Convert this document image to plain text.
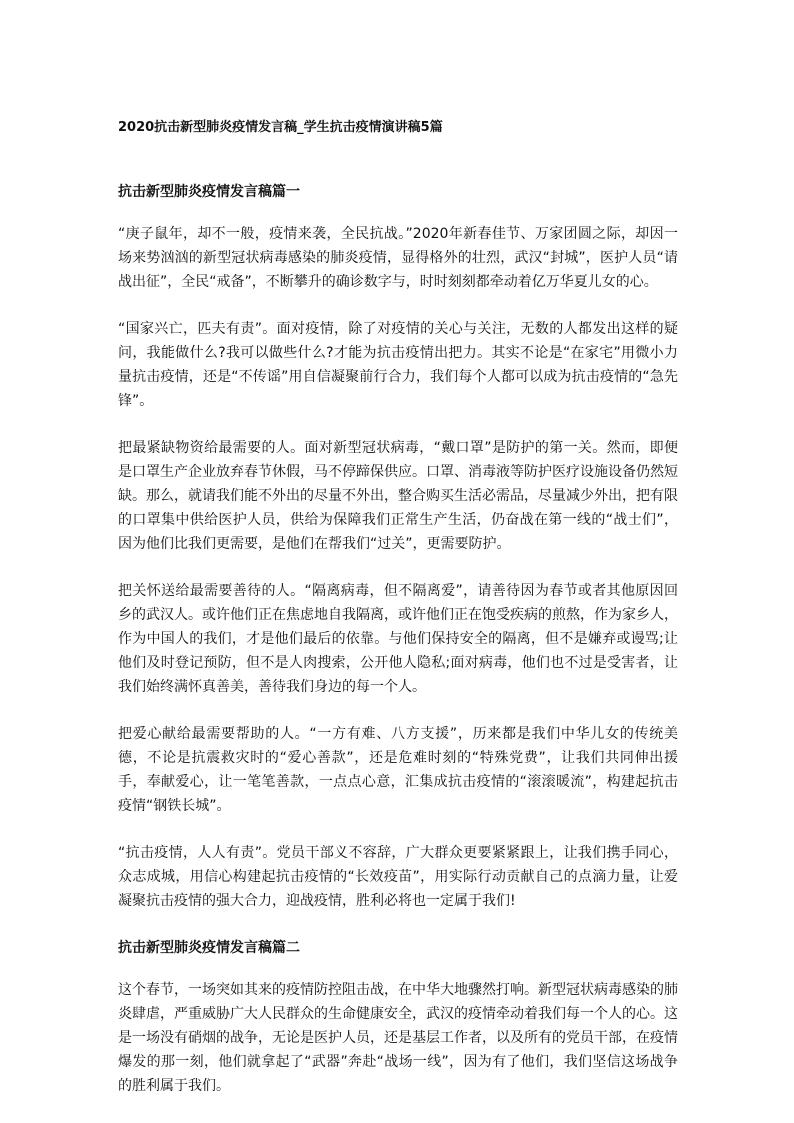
2020抗击新型肺炎疫情发言稿_学生抗击疫情演讲稿5篇
抗击新型肺炎疫情发言稿篇一

“庚子鼠年，却不一般，疫情来袭，全民抗战。”2020年新春佳节、万家团圆之际，却因一场来势汹汹的新型冠状病毒感染的肺炎疫情，显得格外的壮烈，武汉“封城”，医护人员“请战出征”，全民“戒备”，不断攀升的确诊数字与，时时刻刻都牵动着亿万华夏儿女的心。

“国家兴亡，匹夫有责”。面对疫情，除了对疫情的关心与关注，无数的人都发出这样的疑问，我能做什么?我可以做些什么?才能为抗击疫情出把力。其实不论是“在家宅”用微小力量抗击疫情，还是“不传谣”用自信凝聚前行合力，我们每个人都可以成为抗击疫情的“急先锋”。

把最紧缺物资给最需要的人。面对新型冠状病毒，“戴口罩”是防护的第一关。然而，即便是口罩生产企业放弃春节休假，马不停蹄保供应。口罩、消毒液等防护医疗设施设备仍然短缺。那么，就请我们能不外出的尽量不外出，整合购买生活必需品，尽量减少外出，把有限的口罩集中供给医护人员，供给为保障我们正常生产生活，仍奋战在第一线的“战士们”，因为他们比我们更需要，是他们在帮我们“过关”，更需要防护。

把关怀送给最需要善待的人。“隔离病毒，但不隔离爱”，请善待因为春节或者其他原因回乡的武汉人。或许他们正在焦虑地自我隔离，或许他们正在饱受疾病的煎熬，作为家乡人，作为中国人的我们，才是他们最后的依靠。与他们保持安全的隔离，但不是嫌弃或谩骂;让他们及时登记预防，但不是人肉搜索，公开他人隐私;面对病毒，他们也不过是受害者，让我们始终满怀真善美，善待我们身边的每一个人。

把爱心献给最需要帮助的人。“一方有难、八方支援”，历来都是我们中华儿女的传统美德，不论是抗震救灾时的“爱心善款”，还是危难时刻的“特殊党费”，让我们共同伸出援手，奉献爱心，让一笔笔善款，一点点心意，汇集成抗击疫情的“滚滚暖流”，构建起抗击疫情“钢铁长城”。

“抗击疫情，人人有责”。党员干部义不容辞，广大群众更要紧紧跟上，让我们携手同心，众志成城，用信心构建起抗击疫情的“长效疫苗”，用实际行动贡献自己的点滴力量，让爱凝聚抗击疫情的强大合力，迎战疫情，胜利必将也一定属于我们!

抗击新型肺炎疫情发言稿篇二

这个春节，一场突如其来的疫情防控阻击战，在中华大地骤然打响。新型冠状病毒感染的肺炎肆虐，严重威胁广大人民群众的生命健康安全，武汉的疫情牵动着我们每一个人的心。这是一场没有硝烟的战争，无论是医护人员，还是基层工作者，以及所有的党员干部，在疫情爆发的那一刻，他们就拿起了“武器”奔赴“战场一线”，因为有了他们，我们坚信这场战争的胜利属于我们。
